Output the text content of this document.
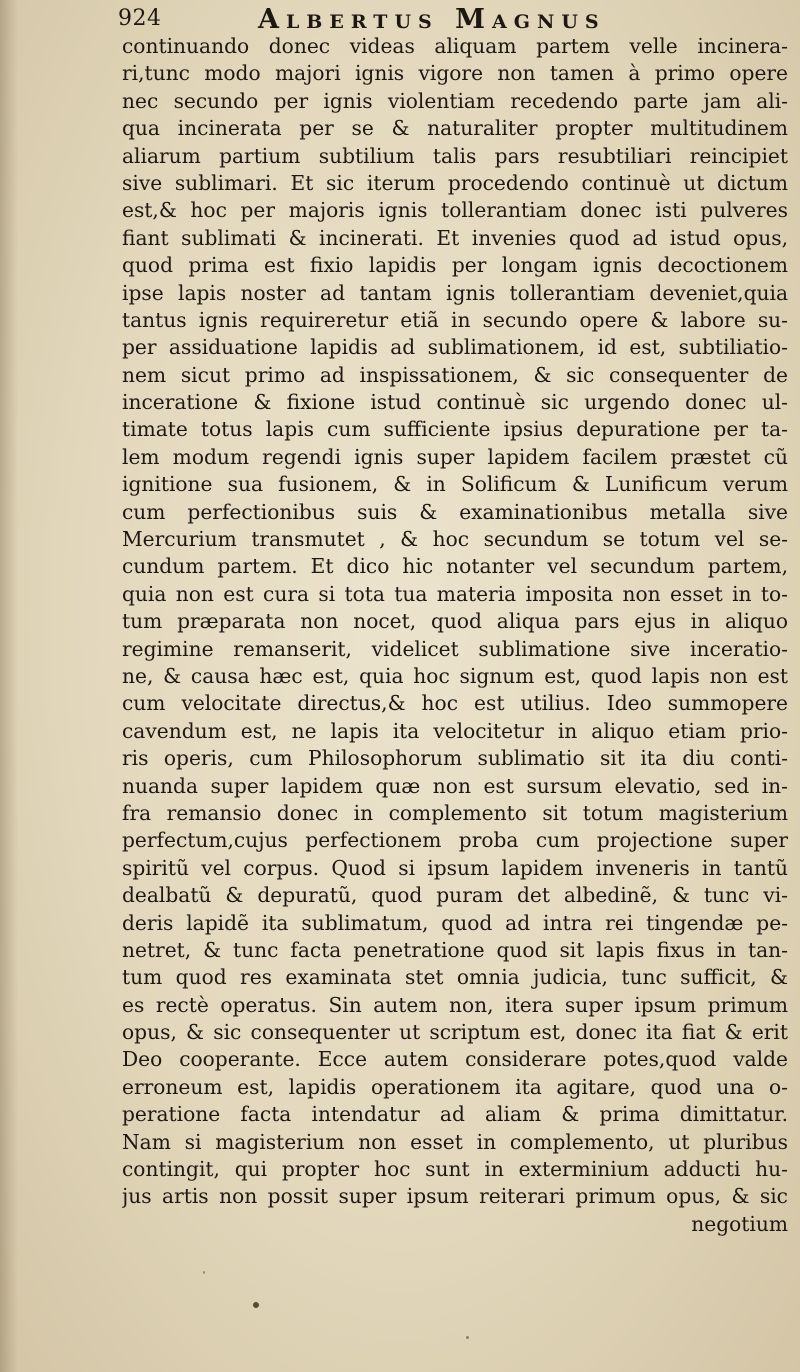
924	Albertus Magnus
continuando donec videas aliquam partem velle incinera-
ri,tunc modo majori ignis vigore non tamen à primo opere
nec secundo per ignis violentiam recedendo parte jam ali-
qua incinerata per se & naturaliter propter multitudinem
aliarum partium subtilium talis pars resubtiliari reincipiet
sive sublimari. Et sic iterum procedendo continuè ut dictum
est,& hoc per majoris ignis tollerantiam donec isti pulveres
fiant sublimati & incinerati. Et invenies quod ad istud opus,
quod prima est fixio lapidis per longam ignis decoctionem
ipse lapis noster ad tantam ignis tollerantiam deveniet,quia
tantus ignis requireretur etiã in secundo opere & labore su-
per assiduatione lapidis ad sublimationem, id est, subtiliatio-
nem sicut primo ad inspissationem, & sic consequenter de
inceratione & fixione istud continuè sic urgendo donec ul-
timate totus lapis cum sufficiente ipsius depuratione per ta-
lem modum regendi ignis super lapidem facilem præstet cũ
ignitione sua fusionem, & in Solificum & Lunificum verum
cum perfectionibus suis & examinationibus metalla sive
Mercurium transmutet , & hoc secundum se totum vel se-
cundum partem. Et dico hic notanter vel secundum partem,
quia non est cura si tota tua materia imposita non esset in to-
tum præparata non nocet, quod aliqua pars ejus in aliquo
regimine remanserit, videlicet sublimatione sive inceratio-
ne, & causa hæc est, quia hoc signum est, quod lapis non est
cum velocitate directus,& hoc est utilius. Ideo summopere
cavendum est, ne lapis ita velocitetur in aliquo etiam prio-
ris operis, cum Philosophorum sublimatio sit ita diu conti-
nuanda super lapidem quæ non est sursum elevatio, sed in-
fra remansio donec in complemento sit totum magisterium
perfectum,cujus perfectionem proba cum projectione super
spiritũ vel corpus. Quod si ipsum lapidem inveneris in tantũ
dealbatũ & depuratũ, quod puram det albedinẽ, & tunc vi-
deris lapidẽ ita sublimatum, quod ad intra rei tingendæ pe-
netret, & tunc facta penetratione quod sit lapis fixus in tan-
tum quod res examinata stet omnia judicia, tunc sufficit, &
es rectè operatus. Sin autem non, itera super ipsum primum
opus, & sic consequenter ut scriptum est, donec ita fiat & erit
Deo cooperante. Ecce autem considerare potes,quod valde
erroneum est, lapidis operationem ita agitare, quod una o-
peratione facta intendatur ad aliam & prima dimittatur.
Nam si magisterium non esset in complemento, ut pluribus
contingit, qui propter hoc sunt in exterminium adducti hu-
jus artis non possit super ipsum reiterari primum opus, & sic
negotium
